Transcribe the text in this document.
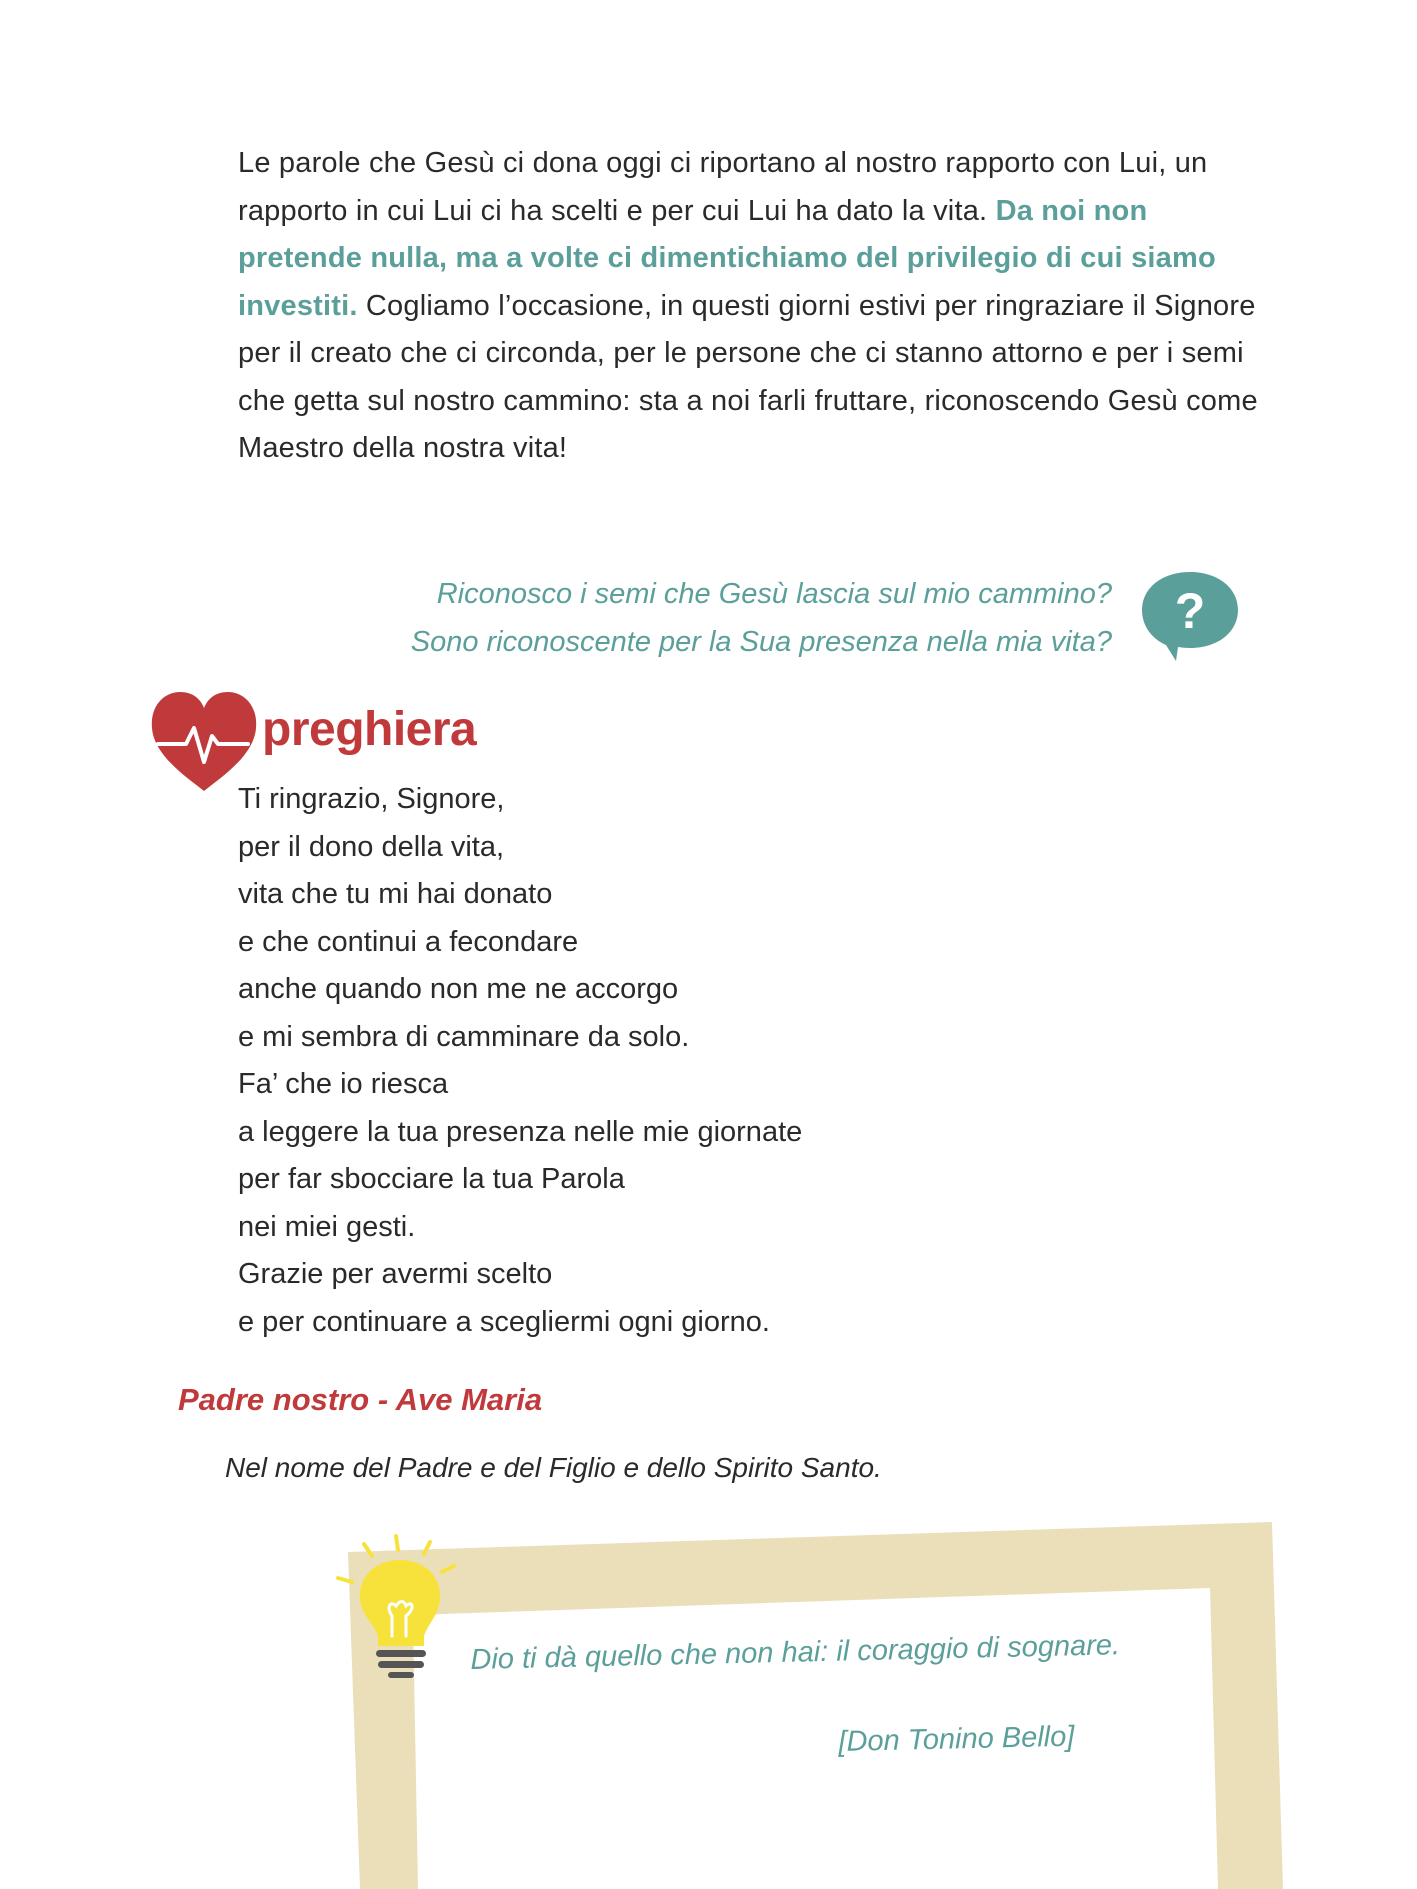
Le parole che Gesù ci dona oggi ci riportano al nostro rapporto con Lui, un rapporto in cui Lui ci ha scelti e per cui Lui ha dato la vita. Da noi non pretende nulla, ma a volte ci dimentichiamo del privilegio di cui siamo investiti. Cogliamo l’occasione, in questi giorni estivi per ringraziare il Signore per il creato che ci circonda, per le persone che ci stanno attorno e per i semi che getta sul nostro cammino: sta a noi farli fruttare, riconoscendo Gesù come Maestro della nostra vita!

Riconosco i semi che Gesù lascia sul mio cammino?
Sono riconoscente per la Sua presenza nella mia vita?
?
preghiera
Ti ringrazio, Signore,
per il dono della vita,
vita che tu mi hai donato
e che continui a fecondare
anche quando non me ne accorgo
e mi sembra di camminare da solo.
Fa’ che io riesca
a leggere la tua presenza nelle mie giornate
per far sbocciare la tua Parola
nei miei gesti.
Grazie per avermi scelto
e per continuare a scegliermi ogni giorno.

Padre nostro - Ave Maria

Nel nome del Padre e del Figlio e dello Spirito Santo.

Dio ti dà quello che non hai: il coraggio di sognare.

[Don Tonino Bello]
